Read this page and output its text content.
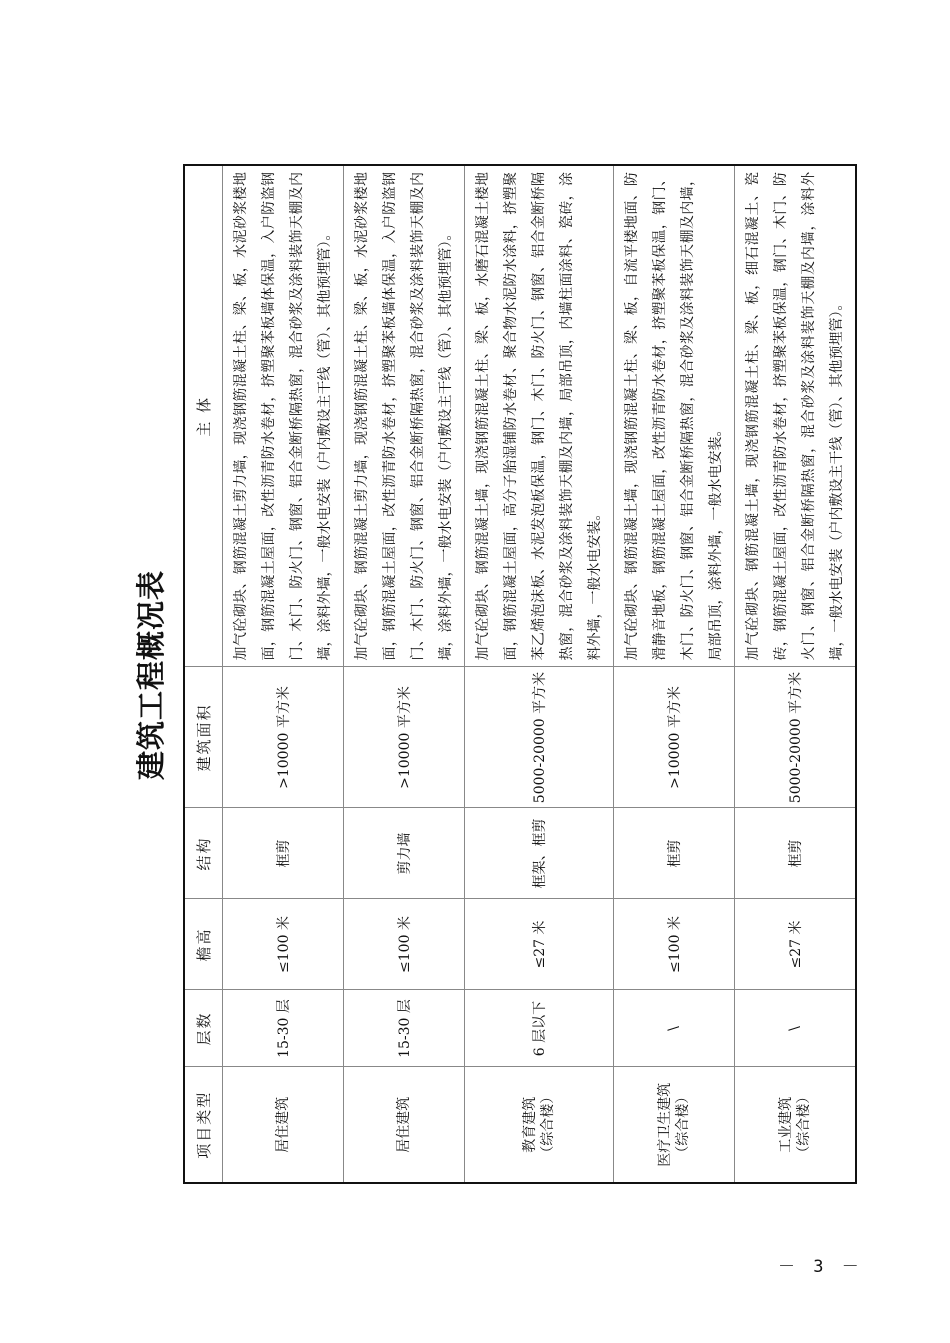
建筑工程概况表
项目类型	层数	檐高	结构	建筑面积	主 体

居住建筑	15-30 层	≤100 米	框剪	>10000 平方米	加气砼砌块、钢筋混凝土剪力墙，现浇钢筋混凝土柱、梁、板，水泥砂浆楼地面，钢筋混凝土屋面，改性沥青防水卷材，挤塑聚苯板墙体保温，入户防盗钢门、木门、防火门、钢窗、铝合金断桥隔热窗，混合砂浆及涂料装饰天棚及内墙，涂料外墙，一般水电安装（户内敷设主干线（管）、其他预埋管）。

居住建筑	15-30 层	≤100 米	剪力墙	>10000 平方米	加气砼砌块、钢筋混凝土剪力墙，现浇钢筋混凝土柱、梁、板，水泥砂浆楼地面，钢筋混凝土屋面，改性沥青防水卷材，挤塑聚苯板墙体保温，入户防盗钢门、木门、防火门、钢窗、铝合金断桥隔热窗，混合砂浆及涂料装饰天棚及内墙，涂料外墙，一般水电安装（户内敷设主干线（管）、其他预埋管）。

教育建筑 （综合楼）	6 层以下	≤27 米	框架、框剪	5000-20000 平方米	加气砼砌块、钢筋混凝土墙，现浇钢筋混凝土柱、梁、板，水磨石混凝土楼地面，钢筋混凝土屋面，高分子胎湿铺防水卷材、聚合物水泥防水涂料，挤塑聚苯乙烯泡沫板、水泥发泡板保温，钢门、木门、防火门、钢窗、铝合金断桥隔热窗，混合砂浆及涂料装饰天棚及内墙，局部吊顶，内墙柱面涂料、瓷砖，涂料外墙，一般水电安装。

医疗卫生建筑 （综合楼）	\	≤100 米	框剪	>10000 平方米	加气砼砌块、钢筋混凝土墙，现浇钢筋混凝土柱、梁、板，自流平楼地面、防滑静音地板，钢筋混凝土屋面，改性沥青防水卷材，挤塑聚苯板保温，钢门、木门、防火门、钢窗、铝合金断桥隔热窗，混合砂浆及涂料装饰天棚及内墙，局部吊顶，涂料外墙，一般水电安装。

工业建筑 （综合楼）	\	≤27 米	框剪	5000-20000 平方米	加气砼砌块、钢筋混凝土墙，现浇钢筋混凝土柱、梁、板，细石混凝土、瓷砖，钢筋混凝土屋面，改性沥青防水卷材，挤塑聚苯板保温，钢门、木门、防火门、钢窗、铝合金断桥隔热窗，混合砂浆及涂料装饰天棚及内墙，涂料外墙，一般水电安装（户内敷设主干线（管）、其他预埋管）。
－ 3 －
